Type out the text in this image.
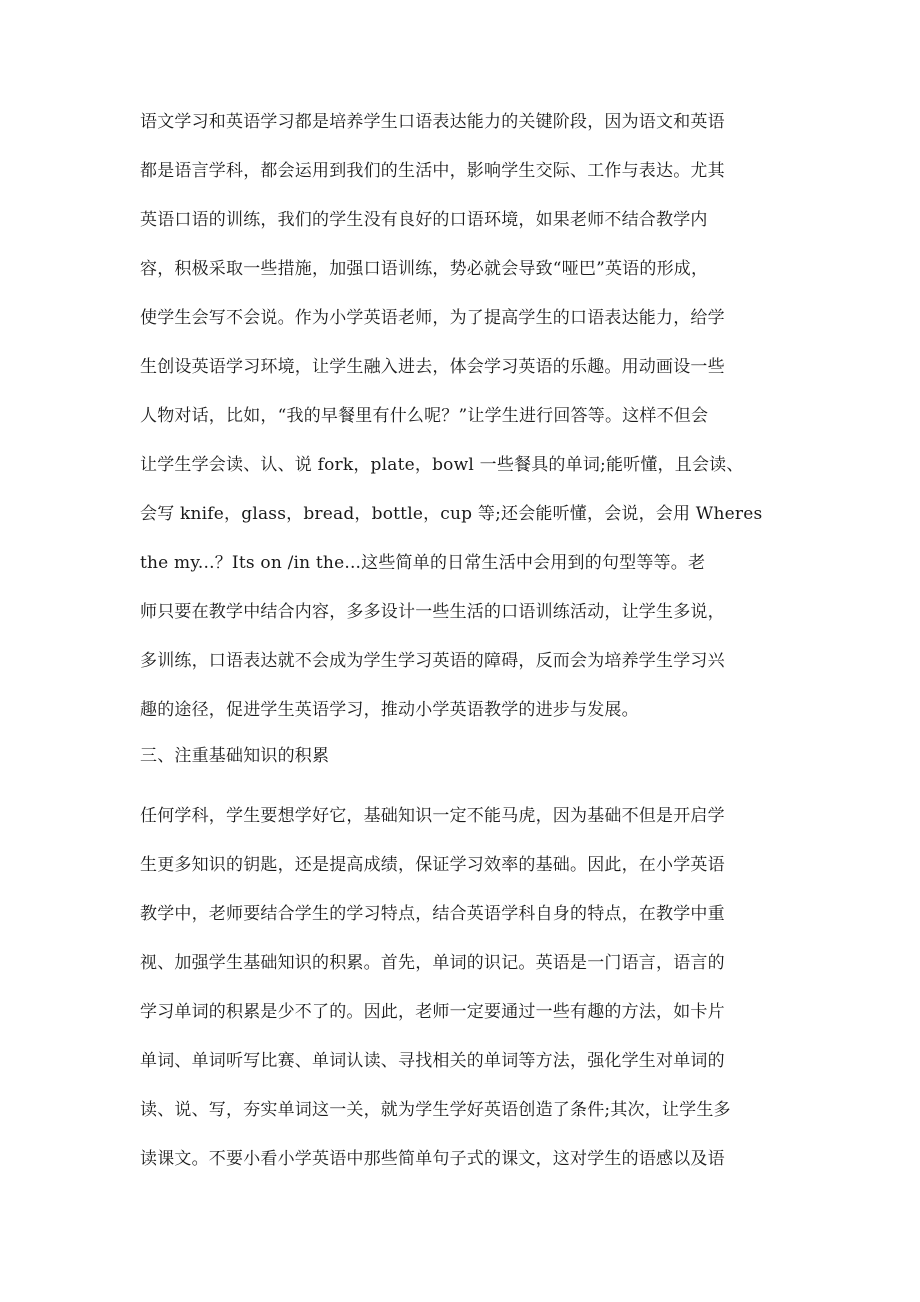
语文学习和英语学习都是培养学生口语表达能力的关键阶段，因为语文和英语
都是语言学科，都会运用到我们的生活中，影响学生交际、工作与表达。尤其
英语口语的训练，我们的学生没有良好的口语环境，如果老师不结合教学内
容，积极采取一些措施，加强口语训练，势必就会导致“哑巴”英语的形成，
使学生会写不会说。作为小学英语老师，为了提高学生的口语表达能力，给学
生创设英语学习环境，让学生融入进去，体会学习英语的乐趣。用动画设一些
人物对话，比如，“我的早餐里有什么呢？”让学生进行回答等。这样不但会
让学生学会读、认、说 fork，plate，bowl 一些餐具的单词;能听懂，且会读、
会写 knife，glass，bread，bottle，cup 等;还会能听懂，会说，会用 Wheres
the my...？Its on /in the...这些简单的日常生活中会用到的句型等等。老
师只要在教学中结合内容，多多设计一些生活的口语训练活动，让学生多说，
多训练，口语表达就不会成为学生学习英语的障碍，反而会为培养学生学习兴
趣的途径，促进学生英语学习，推动小学英语教学的进步与发展。
三、注重基础知识的积累
任何学科，学生要想学好它，基础知识一定不能马虎，因为基础不但是开启学
生更多知识的钥匙，还是提高成绩，保证学习效率的基础。因此，在小学英语
教学中，老师要结合学生的学习特点，结合英语学科自身的特点，在教学中重
视、加强学生基础知识的积累。首先，单词的识记。英语是一门语言，语言的
学习单词的积累是少不了的。因此，老师一定要通过一些有趣的方法，如卡片
单词、单词听写比赛、单词认读、寻找相关的单词等方法，强化学生对单词的
读、说、写，夯实单词这一关，就为学生学好英语创造了条件;其次，让学生多
读课文。不要小看小学英语中那些简单句子式的课文，这对学生的语感以及语
